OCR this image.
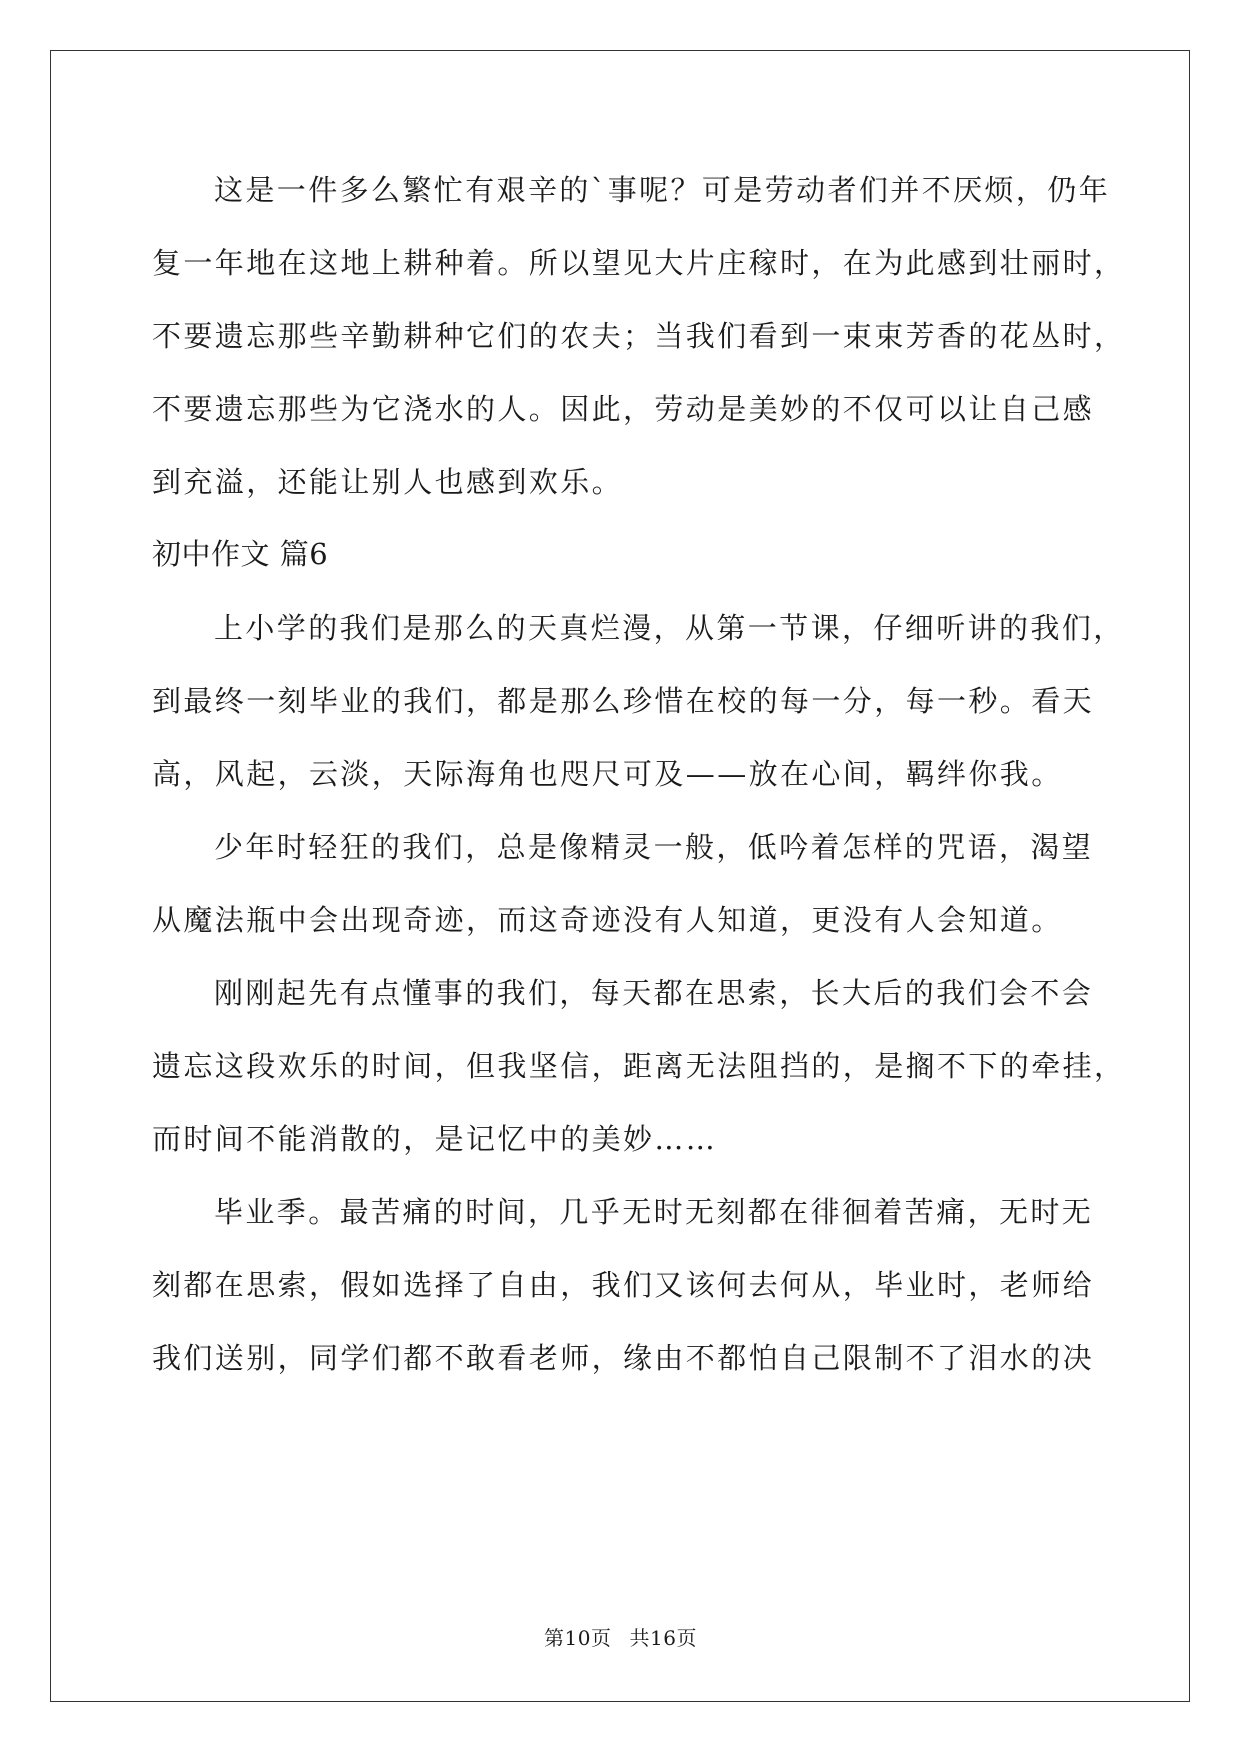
这是一件多么繁忙有艰辛的`事呢？可是劳动者们并不厌烦，仍年
复一年地在这地上耕种着。所以望见大片庄稼时，在为此感到壮丽时，
不要遗忘那些辛勤耕种它们的农夫；当我们看到一束束芳香的花丛时，
不要遗忘那些为它浇水的人。因此，劳动是美妙的不仅可以让自己感
到充溢，还能让别人也感到欢乐。
初中作文 篇6
上小学的我们是那么的天真烂漫，从第一节课，仔细听讲的我们，
到最终一刻毕业的我们，都是那么珍惜在校的每一分，每一秒。看天
高，风起，云淡，天际海角也咫尺可及——放在心间，羁绊你我。
少年时轻狂的我们，总是像精灵一般，低吟着怎样的咒语，渴望
从魔法瓶中会出现奇迹，而这奇迹没有人知道，更没有人会知道。
刚刚起先有点懂事的我们，每天都在思索，长大后的我们会不会
遗忘这段欢乐的时间，但我坚信，距离无法阻挡的，是搁不下的牵挂，
而时间不能消散的，是记忆中的美妙……
毕业季。最苦痛的时间，几乎无时无刻都在徘徊着苦痛，无时无
刻都在思索，假如选择了自由，我们又该何去何从，毕业时，老师给
我们送别，同学们都不敢看老师，缘由不都怕自己限制不了泪水的决
第10页 共16页
